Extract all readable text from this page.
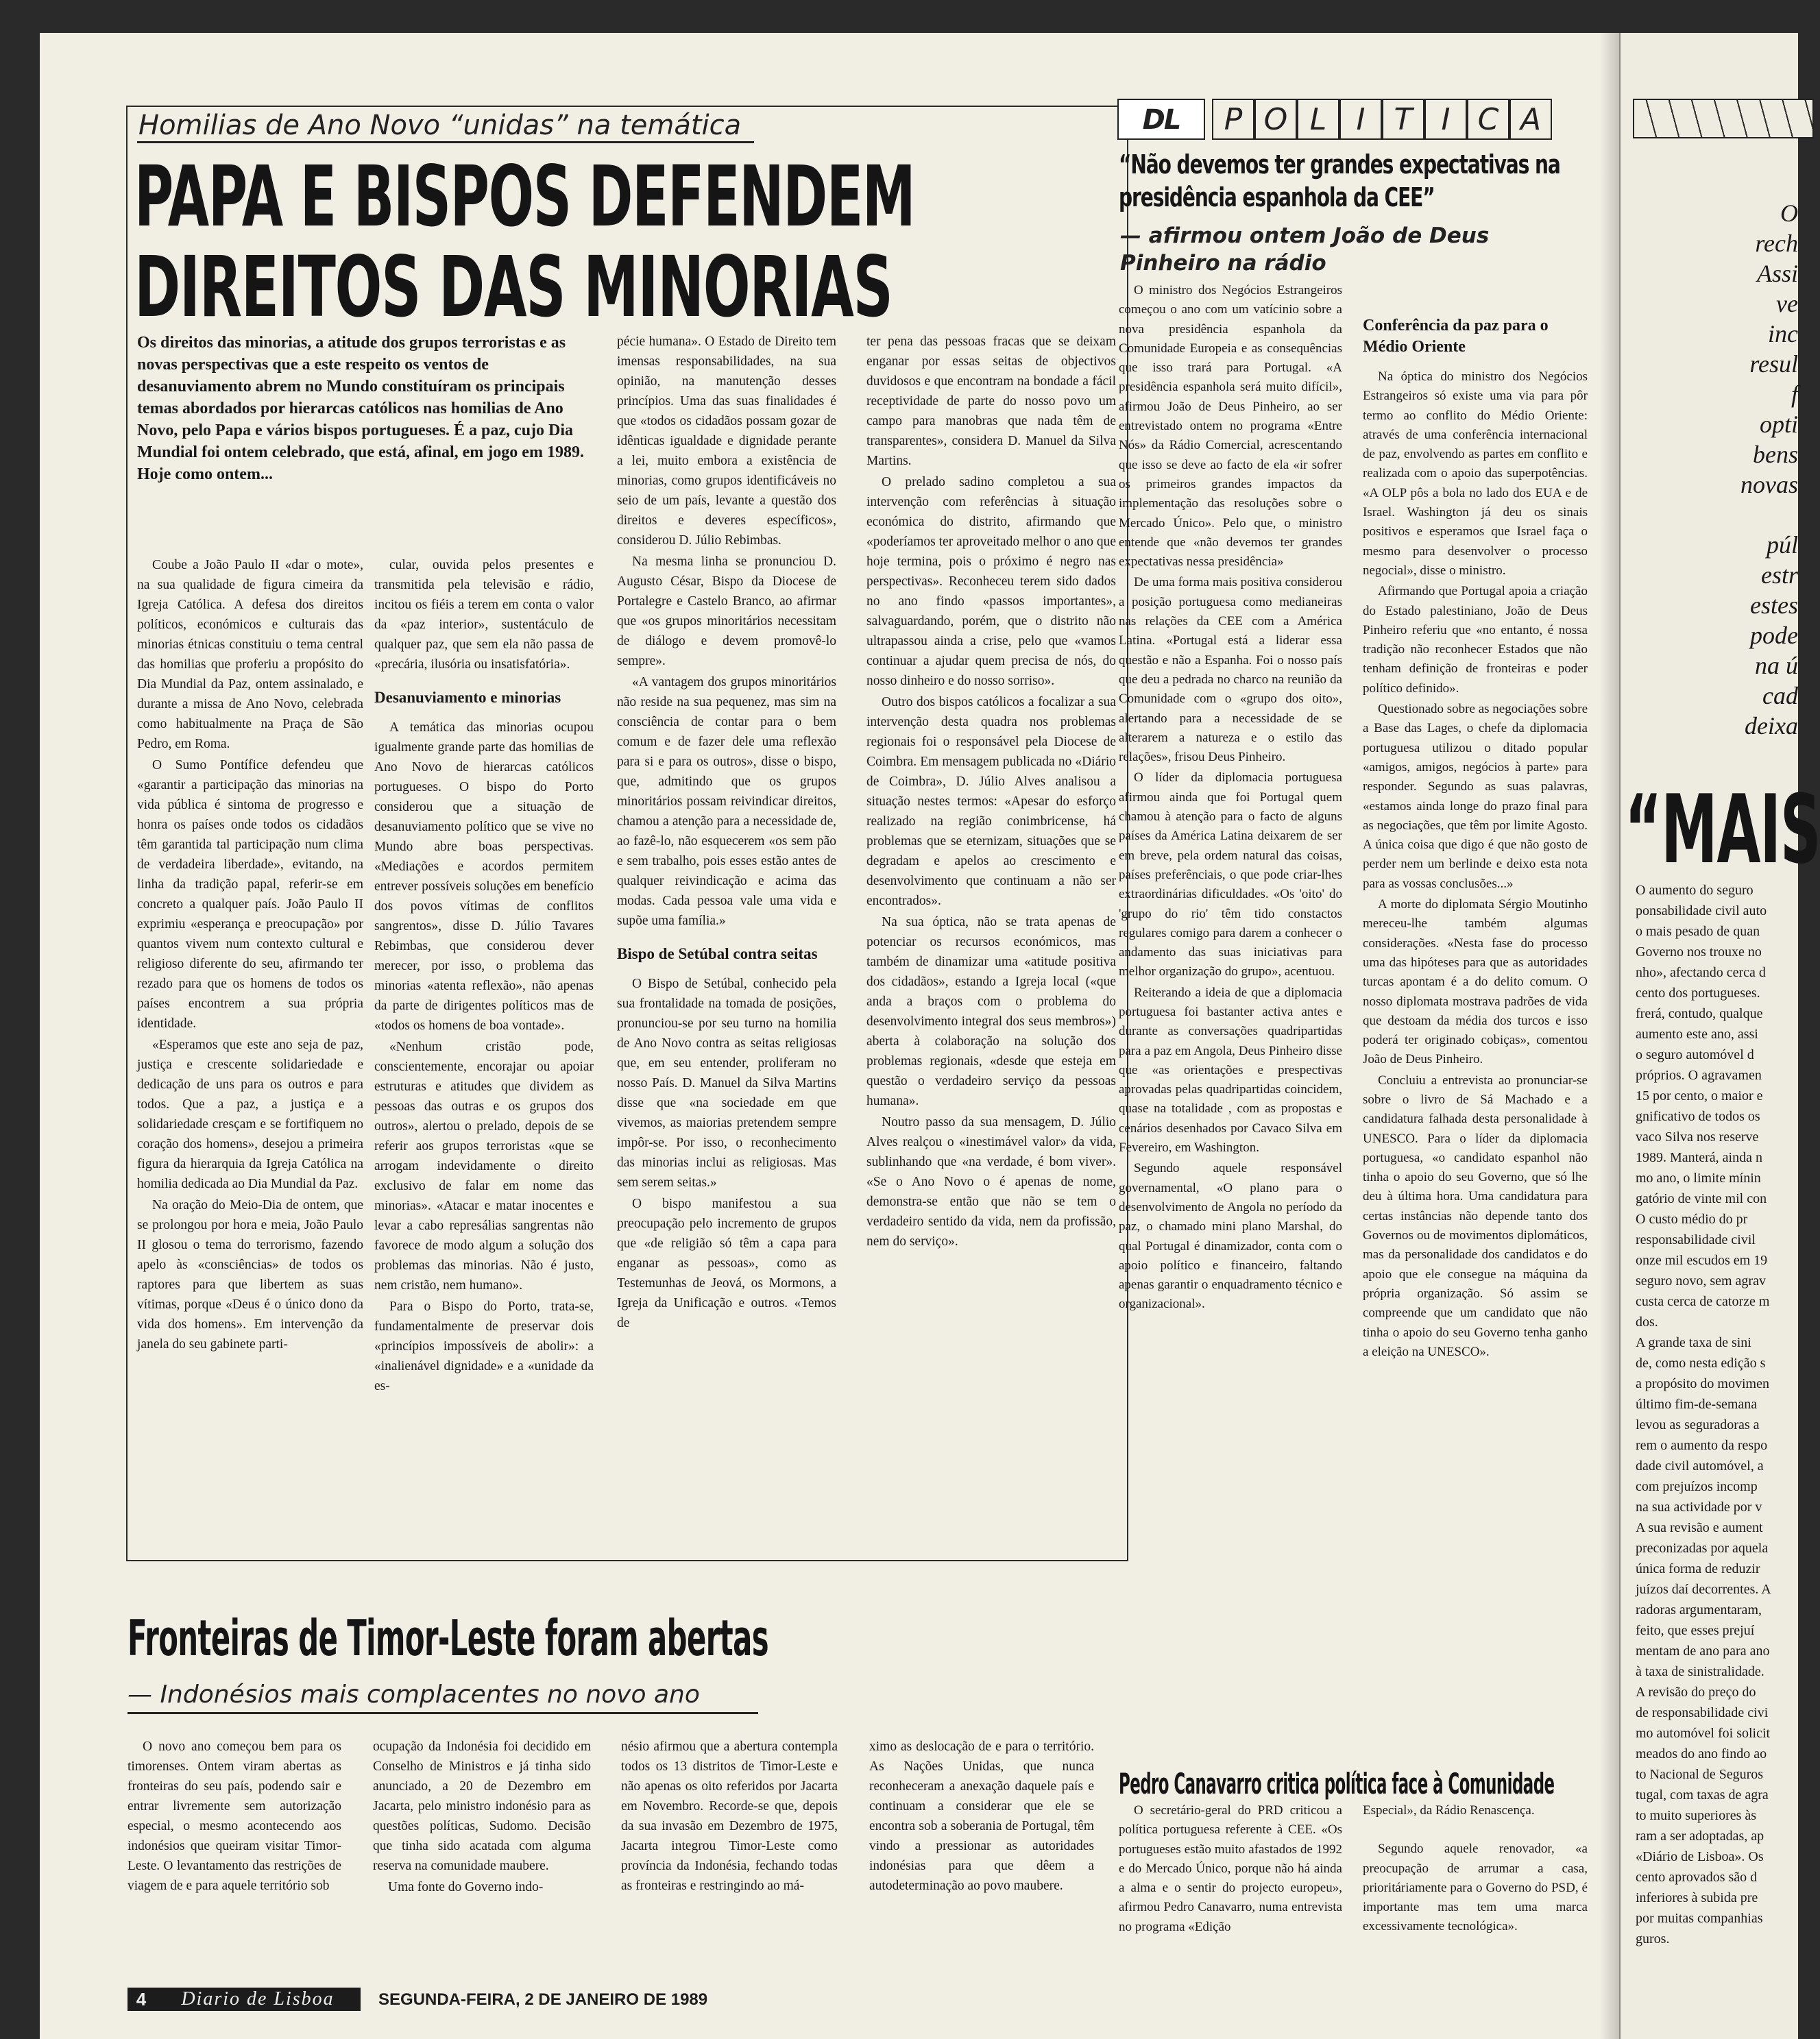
Homilias de Ano Novo “unidas” na temática
PAPA E BISPOS DEFENDEM
DIREITOS DAS MINORIAS

Os direitos das minorias, a atitude dos grupos terroristas e as novas perspectivas que a este respeito os ventos de desanuviamento abrem no Mundo constituíram os principais temas abordados por hierarcas católicos nas homilias de Ano Novo, pelo Papa e vários bispos portugueses. É a paz, cujo Dia Mundial foi ontem celebrado, que está, afinal, em jogo em 1989. Hoje como ontem...

Coube a João Paulo II «dar o mote», na sua qualidade de figura cimeira da Igreja Católica. A defesa dos direitos políticos, económicos e culturais das minorias étnicas constituiu o tema central das homilias que proferiu a propósito do Dia Mundial da Paz, ontem assinalado, e durante a missa de Ano Novo, celebrada como habitualmente na Praça de São Pedro, em Roma.

O Sumo Pontífice defendeu que «garantir a participação das minorias na vida pública é sintoma de progresso e honra os países onde todos os cidadãos têm garantida tal participação num clima de verdadeira liberdade», evitando, na linha da tradição papal, referir-se em concreto a qualquer país. João Paulo II exprimiu «esperança e preocupação» por quantos vivem num contexto cultural e religioso diferente do seu, afirmando ter rezado para que os homens de todos os países encontrem a sua própria identidade.

«Esperamos que este ano seja de paz, justiça e crescente solidariedade e dedicação de uns para os outros e para todos. Que a paz, a justiça e a solidariedade cresçam e se fortifiquem no coração dos homens», desejou a primeira figura da hierarquia da Igreja Católica na homilia dedicada ao Dia Mundial da Paz.

Na oração do Meio-Dia de ontem, que se prolongou por hora e meia, João Paulo II glosou o tema do terrorismo, fazendo apelo às «consciências» de todos os raptores para que libertem as suas vítimas, porque «Deus é o único dono da vida dos homens». Em intervenção da janela do seu gabinete parti-

cular, ouvida pelos presentes e transmitida pela televisão e rádio, incitou os fiéis a terem em conta o valor da «paz interior», sustentáculo de qualquer paz, que sem ela não passa de «precária, ilusória ou insatisfatória».

Desanuviamento e minorias

A temática das minorias ocupou igualmente grande parte das homilias de Ano Novo de hierarcas católicos portugueses. O bispo do Porto considerou que a situação de desanuviamento político que se vive no Mundo abre boas perspectivas. «Mediações e acordos permitem entrever possíveis soluções em benefício dos povos vítimas de conflitos sangrentos», disse D. Júlio Tavares Rebimbas, que considerou dever merecer, por isso, o problema das minorias «atenta reflexão», não apenas da parte de dirigentes políticos mas de «todos os homens de boa vontade».

«Nenhum cristão pode, conscientemente, encorajar ou apoiar estruturas e atitudes que dividem as pessoas das outras e os grupos dos outros», alertou o prelado, depois de se referir aos grupos terroristas «que se arrogam indevidamente o direito exclusivo de falar em nome das minorias». «Atacar e matar inocentes e levar a cabo represálias sangrentas não favorece de modo algum a solução dos problemas das minorias. Não é justo, nem cristão, nem humano».

Para o Bispo do Porto, trata-se, fundamentalmente de preservar dois «princípios impossíveis de abolir»: a «inalienável dignidade» e a «unidade da es-

pécie humana». O Estado de Direito tem imensas responsabilidades, na sua opinião, na manutenção desses princípios. Uma das suas finalidades é que «todos os cidadãos possam gozar de idênticas igualdade e dignidade perante a lei, muito embora a existência de minorias, como grupos identificáveis no seio de um país, levante a questão dos direitos e deveres específicos», considerou D. Júlio Rebimbas.

Na mesma linha se pronunciou D. Augusto César, Bispo da Diocese de Portalegre e Castelo Branco, ao afirmar que «os grupos minoritários necessitam de diálogo e devem promovê-lo sempre».

«A vantagem dos grupos minoritários não reside na sua pequenez, mas sim na consciência de contar para o bem comum e de fazer dele uma reflexão para si e para os outros», disse o bispo, que, admitindo que os grupos minoritários possam reivindicar direitos, chamou a atenção para a necessidade de, ao fazê-lo, não esquecerem «os sem pão e sem trabalho, pois esses estão antes de qualquer reivindicação e acima das modas. Cada pessoa vale uma vida e supõe uma família.»

Bispo de Setúbal contra seitas

O Bispo de Setúbal, conhecido pela sua frontalidade na tomada de posições, pronunciou-se por seu turno na homilia de Ano Novo contra as seitas religiosas que, em seu entender, proliferam no nosso País. D. Manuel da Silva Martins disse que «na sociedade em que vivemos, as maiorias pretendem sempre impôr-se. Por isso, o reconhecimento das minorias inclui as religiosas. Mas sem serem seitas.»

O bispo manifestou a sua preocupação pelo incremento de grupos que «de religião só têm a capa para enganar as pessoas», como as Testemunhas de Jeová, os Mormons, a Igreja da Unificação e outros. «Temos de

ter pena das pessoas fracas que se deixam enganar por essas seitas de objectivos duvidosos e que encontram na bondade a fácil receptividade de parte do nosso povo um campo para manobras que nada têm de transparentes», considera D. Manuel da Silva Martins.

O prelado sadino completou a sua intervenção com referências à situação económica do distrito, afirmando que «poderíamos ter aproveitado melhor o ano que hoje termina, pois o próximo é negro nas perspectivas». Reconheceu terem sido dados no ano findo «passos importantes», salvaguardando, porém, que o distrito não ultrapassou ainda a crise, pelo que «vamos continuar a ajudar quem precisa de nós, do nosso dinheiro e do nosso sorriso».

Outro dos bispos católicos a focalizar a sua intervenção desta quadra nos problemas regionais foi o responsável pela Diocese de Coimbra. Em mensagem publicada no «Diário de Coimbra», D. Júlio Alves analisou a situação nestes termos: «Apesar do esforço realizado na região conimbricense, há problemas que se eternizam, situações que se degradam e apelos ao crescimento e desenvolvimento que continuam a não ser encontrados».

Na sua óptica, não se trata apenas de potenciar os recursos económicos, mas também de dinamizar uma «atitude positiva dos cidadãos», estando a Igreja local («que anda a braços com o problema do desenvolvimento integral dos seus membros») aberta à colaboração na solução dos problemas regionais, «desde que esteja em questão o verdadeiro serviço da pessoas humana».

Noutro passo da sua mensagem, D. Júlio Alves realçou o «inestimável valor» da vida, sublinhando que «na verdade, é bom viver». «Se o Ano Novo o é apenas de nome, demonstra-se então que não se tem o verdadeiro sentido da vida, nem da profissão, nem do serviço».

Fronteiras de Timor-Leste foram abertas
— Indonésios mais complacentes no novo ano

O novo ano começou bem para os timorenses. Ontem viram abertas as fronteiras do seu país, podendo sair e entrar livremente sem autorização especial, o mesmo acontecendo aos indonésios que queiram visitar Timor-Leste. O levantamento das restrições de viagem de e para aquele território sob

ocupação da Indonésia foi decidido em Conselho de Ministros e já tinha sido anunciado, a 20 de Dezembro em Jacarta, pelo ministro indonésio para as questões políticas, Sudomo. Decisão que tinha sido acatada com alguma reserva na comunidade maubere.

Uma fonte do Governo indo-

nésio afirmou que a abertura contempla todos os 13 distritos de Timor-Leste e não apenas os oito referidos por Jacarta em Novembro. Recorde-se que, depois da sua invasão em Dezembro de 1975, Jacarta integrou Timor-Leste como província da Indonésia, fechando todas as fronteiras e restringindo ao má-

ximo as deslocação de e para o território. As Nações Unidas, que nunca reconheceram a anexação daquele país e continuam a considerar que ele se encontra sob a soberania de Portugal, têm vindo a pressionar as autoridades indonésias para que dêem a autodeterminação ao povo maubere.

DL	P O L I T I C A
“Não devemos ter grandes expectativas na presidência espanhola da CEE”
— afirmou ontem João de Deus Pinheiro na rádio

O ministro dos Negócios Estrangeiros começou o ano com um vatícinio sobre a nova presidência espanhola da Comunidade Europeia e as consequências que isso trará para Portugal. «A presidência espanhola será muito difícil», afirmou João de Deus Pinheiro, ao ser entrevistado ontem no programa «Entre Nós» da Rádio Comercial, acrescentando que isso se deve ao facto de ela «ir sofrer os primeiros grandes impactos da implementação das resoluções sobre o Mercado Único». Pelo que, o ministro entende que «não devemos ter grandes expectativas nessa presidência»

De uma forma mais positiva considerou a posição portuguesa como medianeiras nas relações da CEE com a América Latina. «Portugal está a liderar essa questão e não a Espanha. Foi o nosso país que deu a pedrada no charco na reunião da Comunidade com o «grupo dos oito», alertando para a necessidade de se alterarem a natureza e o estilo das relações», frisou Deus Pinheiro.

O líder da diplomacia portuguesa afirmou ainda que foi Portugal quem chamou à atenção para o facto de alguns países da América Latina deixarem de ser em breve, pela ordem natural das coisas, países preferênciais, o que pode criar-lhes extraordinárias dificuldades. «Os 'oito' do 'grupo do rio' têm tido constactos regulares comigo para darem a conhecer o andamento das suas iniciativas para melhor organização do grupo», acentuou.

Reiterando a ideia de que a diplomacia portuguesa foi bastanter activa antes e durante as conversações quadripartidas para a paz em Angola, Deus Pinheiro disse que «as orientações e prespectivas aprovadas pelas quadripartidas coincidem, quase na totalidade , com as propostas e cenários desenhados por Cavaco Silva em Fevereiro, em Washington.

Segundo aquele responsável governamental, «O plano para o desenvolvimento de Angola no período da paz, o chamado mini plano Marshal, do qual Portugal é dinamizador, conta com o apoio político e financeiro, faltando apenas garantir o enquadramento técnico e organizacional».

Conferência da paz para o Médio Oriente

Na óptica do ministro dos Negócios Estrangeiros só existe uma via para pôr termo ao conflito do Médio Oriente: através de uma conferência internacional de paz, envolvendo as partes em conflito e realizada com o apoio das superpotências. «A OLP pôs a bola no lado dos EUA e de Israel. Washington já deu os sinais positivos e esperamos que Israel faça o mesmo para desenvolver o processo negocial», disse o ministro.

Afirmando que Portugal apoia a criação do Estado palestiniano, João de Deus Pinheiro referiu que «no entanto, é nossa tradição não reconhecer Estados que não tenham definição de fronteiras e poder político definido».

Questionado sobre as negociações sobre a Base das Lages, o chefe da diplomacia portuguesa utilizou o ditado popular «amigos, amigos, negócios à parte» para responder. Segundo as suas palavras, «estamos ainda longe do prazo final para as negociações, que têm por limite Agosto. A única coisa que digo é que não gosto de perder nem um berlinde e deixo esta nota para as vossas conclusões...»

A morte do diplomata Sérgio Moutinho mereceu-lhe também algumas considerações. «Nesta fase do processo uma das hipóteses para que as autoridades turcas apontam é a do delito comum. O nosso diplomata mostrava padrões de vida que destoam da média dos turcos e isso poderá ter originado cobiças», comentou João de Deus Pinheiro.

Concluiu a entrevista ao pronunciar-se sobre o livro de Sá Machado e a candidatura falhada desta personalidade à UNESCO. Para o líder da diplomacia portuguesa, «o candidato espanhol não tinha o apoio do seu Governo, que só lhe deu à última hora. Uma candidatura para certas instâncias não depende tanto dos Governos ou de movimentos diplomáticos, mas da personalidade dos candidatos e do apoio que ele consegue na máquina da própria organização. Só assim se compreende que um candidato que não tinha o apoio do seu Governo tenha ganho a eleição na UNESCO».

Pedro Canavarro critica política face à Comunidade

O secretário-geral do PRD criticou a política portuguesa referente à CEE. «Os portugueses estão muito afastados de 1992 e do Mercado Único, porque não há ainda a alma e o sentir do projecto europeu», afirmou Pedro Canavarro, numa entrevista no programa «Edição

Especial», da Rádio Renascença.

Segundo aquele renovador, «a preocupação de arrumar a casa, prioritáriamente para o Governo do PSD, é importante mas tem uma marca excessivamente tecnológica».

4	Diario de Lisboa	SEGUNDA-FEIRA, 2 DE JANEIRO DE 1989
O
rech
Assi
ve
inc
resul
f
opti
bens
novas
púl
estr
estes
pode
na ú
cad
deixa
“MAIS
O aumento do seguro
ponsabilidade civil auto
o mais pesado de quan
Governo nos trouxe no
nho», afectando cerca d
cento dos portugueses.
frerá, contudo, qualque
aumento este ano, assi
o seguro automóvel d
próprios. O agravamen
15 por cento, o maior e
gnificativo de todos os
vaco Silva nos reserve
1989. Manterá, ainda n
mo ano, o limite mínin
gatório de vinte mil con
O custo médio do pr
responsabilidade civil
onze mil escudos em 19
seguro novo, sem agrav
custa cerca de catorze m
dos.
A grande taxa de sini
de, como nesta edição s
a propósito do movimen
último fim-de-semana
levou as seguradoras a
rem o aumento da respo
dade civil automóvel, a
com prejuízos incomp
na sua actividade por v
A sua revisão e aument
preconizadas por aquela
única forma de reduzir
juízos daí decorrentes. A
radoras argumentaram,
feito, que esses prejuí
mentam de ano para ano
à taxa de sinistralidade.
A revisão do preço do
de responsabilidade civi
mo automóvel foi solicit
meados do ano findo ao
to Nacional de Seguros
tugal, com taxas de agra
to muito superiores às
ram a ser adoptadas, ap
«Diário de Lisboa». Os
cento aprovados são d
inferiores à subida pre
por muitas companhias
guros.
